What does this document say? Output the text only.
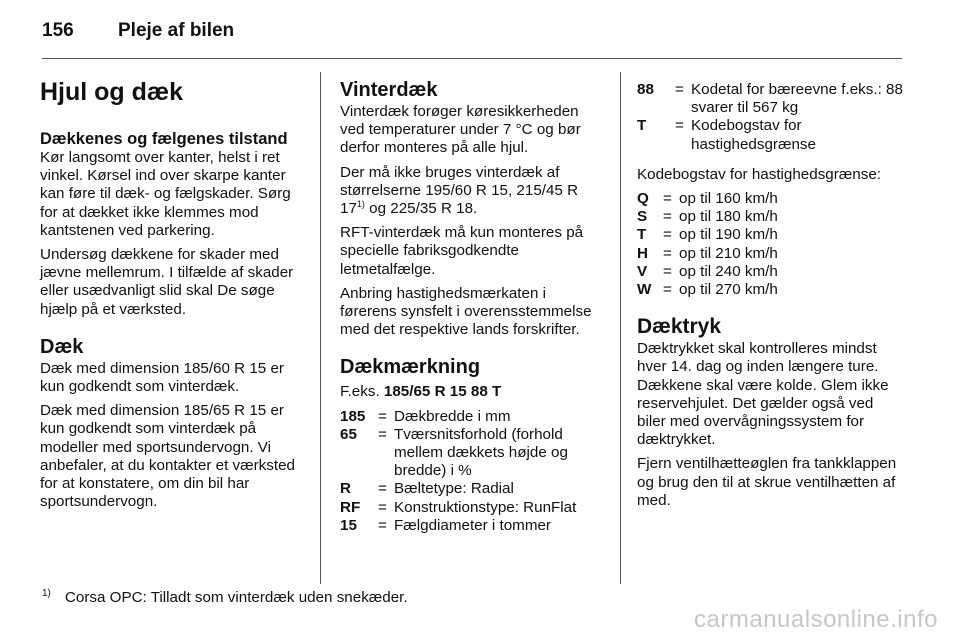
156 Pleje af bilen
Hjul og dæk
Dækkenes og fælgenes tilstand

Kør langsomt over kanter, helst i ret vinkel. Kørsel ind over skarpe kanter kan føre til dæk- og fælgskader. Sørg for at dækket ikke klemmes mod kantstenen ved parkering.

Undersøg dækkene for skader med jævne mellemrum. I tilfælde af skader eller usædvanligt slid skal De søge hjælp på et værksted.

Dæk

Dæk med dimension 185/60 R 15 er kun godkendt som vinterdæk.

Dæk med dimension 185/65 R 15 er kun godkendt som vinterdæk på modeller med sportsundervogn. Vi anbefaler, at du kontakter et værksted for at konstatere, om din bil har sportsundervogn.

Vinterdæk

Vinterdæk forøger køresikkerheden ved temperaturer under 7 °C og bør derfor monteres på alle hjul.

Der må ikke bruges vinterdæk af størrelserne 195/60 R 15, 215/45 R 17$^{1)}$ og 225/35 R 18.

RFT-vinterdæk må kun monteres på specielle fabriksgodkendte letmetalfælge.

Anbring hastighedsmærkaten i førerens synsfelt i overensstemmelse med det respektive lands forskrifter.

Dækmærkning

F.eks. 185/65 R 15 88 T

185 = Dækbredde i mm
65	= Tværsnitsforhold (forhold mellem dækkets højde og bredde) i %
R	= Bæltetype: Radial
RF	= Konstruktionstype: RunFlat
15	= Fælgdiameter i tommer
88	= Kodetal for bæreevne f.eks.: 88 svarer til 567 kg
T	= Kodebogstav for hastighedsgrænse

Kodebogstav for hastighedsgrænse:

Q = op til 160 km/h
S	= op til 180 km/h
T	= op til 190 km/h
H = op til 210 km/h
V	= op til 240 km/h
W = op til 270 km/h
Dæktryk

Dæktrykket skal kontrolleres mindst hver 14. dag og inden længere ture. Dækkene skal være kolde. Glem ikke reservehjulet. Det gælder også ved biler med overvågningssystem for dæktrykket.

Fjern ventilhætteøglen fra tankklappen og brug den til at skrue ventilhætten af med.

$^{1)}$ Corsa OPC: Tilladt som vinterdæk uden snekæder.
carmanualsonline.info
